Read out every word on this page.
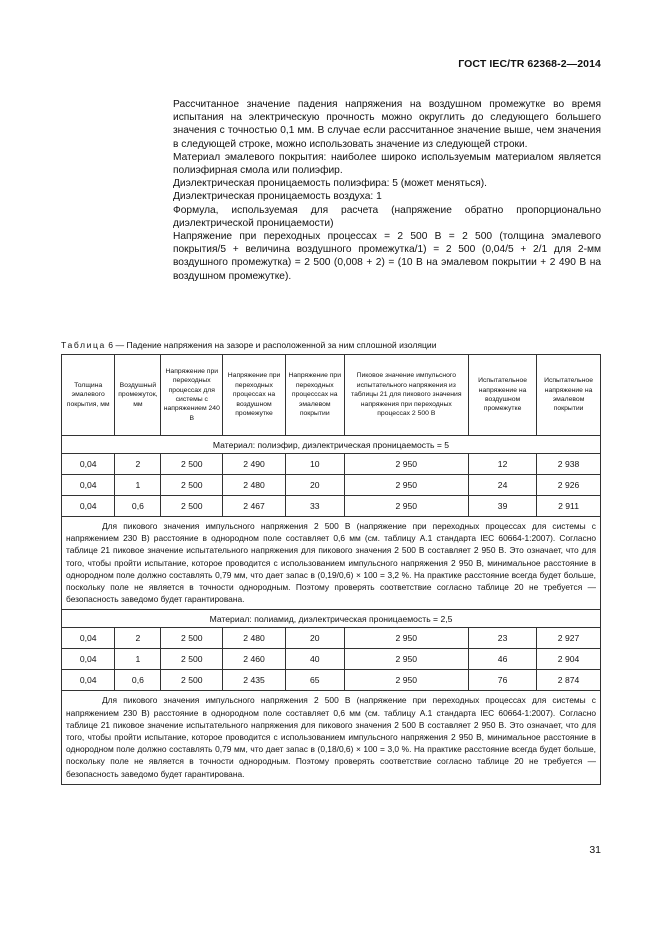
ГОСТ IEC/TR 62368-2—2014

Рассчитанное значение падения напряжения на воздушном промежутке во время испытания на электрическую прочность можно округлить до следующего большего значения с точностью 0,1 мм. В случае если рассчитанное значение выше, чем значения в следующей строке, можно использовать значение из следующей строки.

Материал эмалевого покрытия: наиболее широко используемым материалом является полиэфирная смола или полиэфир.

Диэлектрическая проницаемость полиэфира: 5 (может меняться).

Диэлектрическая проницаемость воздуха: 1

Формула, используемая для расчета (напряжение обратно пропорционально диэлектрической проницаемости)

Напряжение при переходных процессах = 2 500 В = 2 500 (толщина эмалевого покрытия/5 + величина воздушного промежутка/1) = 2 500 (0,04/5 + 2/1 для 2-мм воздушного промежутка) = 2 500 (0,008 + 2) = (10 В на эмалевом покрытии + 2 490 В на воздушном промежутке).

Таблица 6 — Падение напряжения на зазоре и расположенной за ним сплошной изоляции
Толщина эмалевого покрытия, мм	Воздушный промежуток, мм	Напряжение при переходных процессах для системы с напряжением 240 В	Напряжение при переходных процессах на воздушном промежутке	Напряжение при переходных процесссах на эмалевом покрытии	Пиковое значение импульсного испытательного напряжения из таблицы 21 для пикового значения напряжения при переходных процессах 2 500 В	Испытательное напряжение на воздушном промежутке	Испытательное напряжение на эмалевом покрытии
Материал: полиэфир, диэлектрическая проницаемость = 5							
0,04	2	2 500	2 490	10	2 950	12	2 938
0,04	1	2 500	2 480	20	2 950	24	2 926
0,04	0,6	2 500	2 467	33	2 950	39	2 911

Для пикового значения импульсного напряжения 2 500 В (напряжение при переходных процессах для системы с напряжением 230 В) расстояние в однородном поле составляет 0,6 мм (см. таблицу А.1 стандарта IEC 60664-1:2007). Согласно таблице 21 пиковое значение испытательного напряжения для пикового значения 2 500 В составляет 2 950 В. Это означает, что для того, чтобы пройти испытание, которое проводится с использованием импульсного напряжения 2 950 В, минимальное расстояние в однородном поле должно составлять 0,79 мм, что дает запас в (0,19/0,6) × 100 = 3,2 %. На практике расстояние всегда будет больше, поскольку поле не является в точности однородным. Поэтому проверять соответствие согласно таблице 20 не требуется — безопасность заведомо будет гарантирована.							

Материал: полиамид, диэлектрическая проницаемость = 2,5							
0,04	2	2 500	2 480	20	2 950	23	2 927
0,04	1	2 500	2 460	40	2 950	46	2 904
0,04	0,6	2 500	2 435	65	2 950	76	2 874

Для пикового значения импульсного напряжения 2 500 В (напряжение при переходных процессах для системы с напряжением 230 В) расстояние в однородном поле составляет 0,6 мм (см. таблицу А.1 стандарта IEC 60664-1:2007). Согласно таблице 21 пиковое значение испытательного напряжения для пикового значения 2 500 В составляет 2 950 В. Это означает, что для того, чтобы пройти испытание, которое проводится с использованием импульсного напряжения 2 950 В, минимальное расстояние в однородном поле должно составлять 0,79 мм, что дает запас в (0,18/0,6) × 100 = 3,0 %. На практике расстояние всегда будет больше, поскольку поле не является в точности однородным. Поэтому проверять соответствие согласно таблице 20 не требуется — безопасность заведомо будет гарантирована.							
31
